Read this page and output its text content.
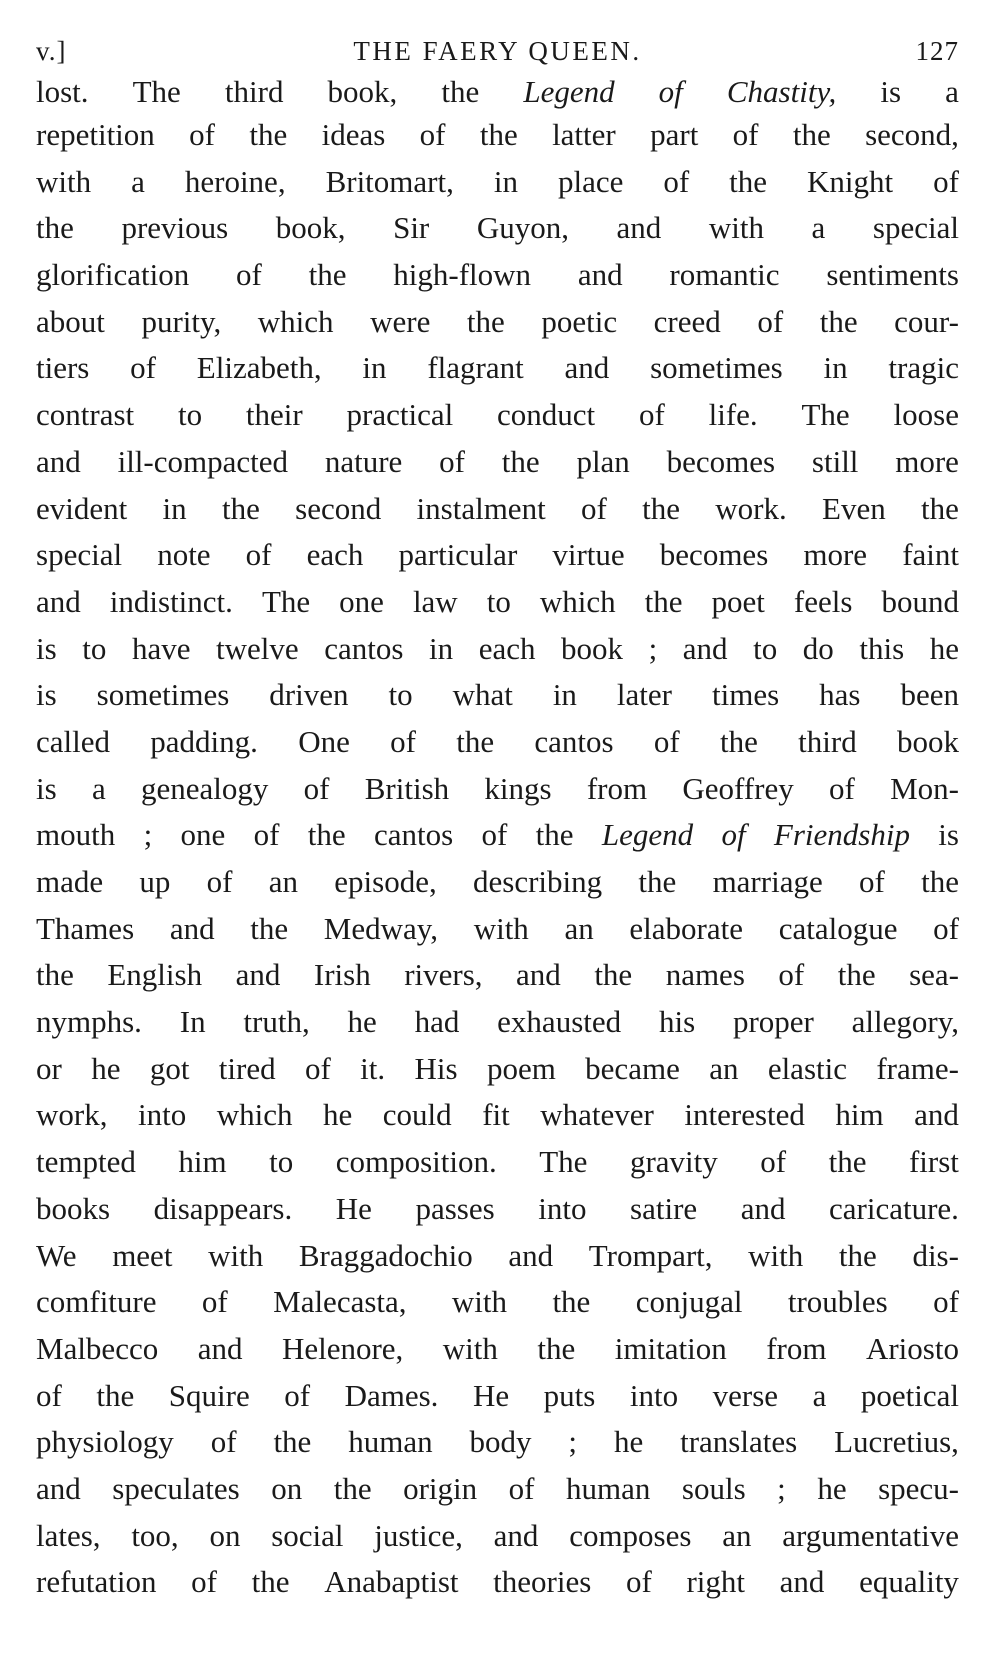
v.]	THE FAERY QUEEN.	127
lost. The third book, the Legend of Chastity, is a
repetition of the ideas of the latter part of the second,
with a heroine, Britomart, in place of the Knight of
the previous book, Sir Guyon, and with a special
glorification of the high-flown and romantic sentiments
about purity, which were the poetic creed of the cour-
tiers of Elizabeth, in flagrant and sometimes in tragic
contrast to their practical conduct of life. The loose
and ill-compacted nature of the plan becomes still more
evident in the second instalment of the work. Even the
special note of each particular virtue becomes more faint
and indistinct. The one law to which the poet feels bound
is to have twelve cantos in each book ; and to do this he
is sometimes driven to what in later times has been
called padding. One of the cantos of the third book
is a genealogy of British kings from Geoffrey of Mon-
mouth ; one of the cantos of the Legend of Friendship is
made up of an episode, describing the marriage of the
Thames and the Medway, with an elaborate catalogue of
the English and Irish rivers, and the names of the sea-
nymphs. In truth, he had exhausted his proper allegory,
or he got tired of it. His poem became an elastic frame-
work, into which he could fit whatever interested him and
tempted him to composition. The gravity of the first
books disappears. He passes into satire and caricature.
We meet with Braggadochio and Trompart, with the dis-
comfiture of Malecasta, with the conjugal troubles of
Malbecco and Helenore, with the imitation from Ariosto
of the Squire of Dames. He puts into verse a poetical
physiology of the human body ; he translates Lucretius,
and speculates on the origin of human souls ; he specu-
lates, too, on social justice, and composes an argumentative
refutation of the Anabaptist theories of right and equality
